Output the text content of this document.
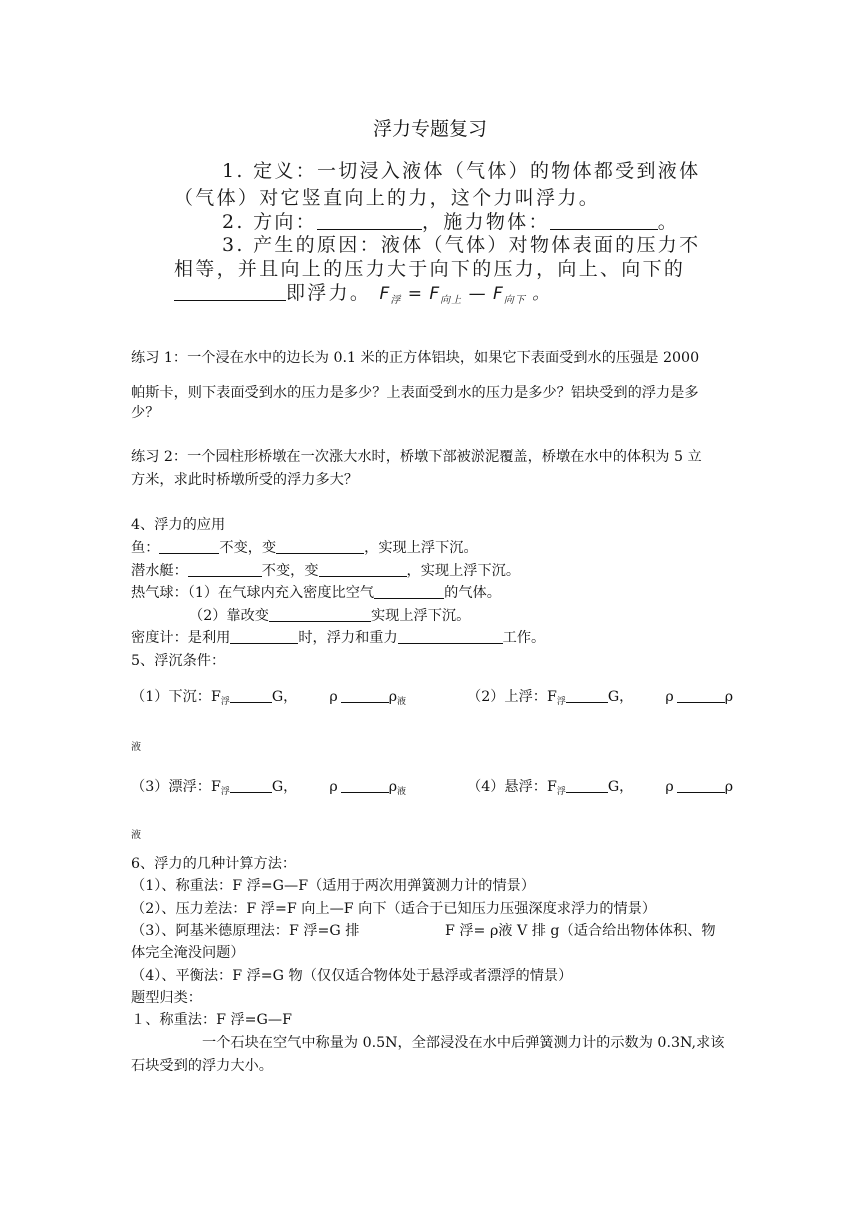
浮力专题复习
1. 定义：一切浸入液体（气体）的物体都受到液体
（气体）对它竖直向上的力，这个力叫浮力。
2. 方向：	，施力物体：	。
3. 产生的原因：液体（气体）对物体表面的压力不
相等，并且向上的压力大于向下的压力，向上、向下的
即浮力。 $F_浮 = F_{向上}$ — $F_{向下}$ 。
练习 1：一个浸在水中的边长为 0.1 米的正方体铝块，如果它下表面受到水的压强是 2000
帕斯卡，则下表面受到水的压力是多少？上表面受到水的压力是多少？铝块受到的浮力是多
少？
练习 2：一个园柱形桥墩在一次涨大水时，桥墩下部被淤泥覆盖，桥墩在水中的体积为 5 立
方米，求此时桥墩所受的浮力多大？
4、浮力的应用
鱼：	不变，变	，实现上浮下沉。
潜水艇：	不变，变	，实现上浮下沉。
热气球：（1）在气球内充入密度比空气	的气体。
（2）靠改变	实现上浮下沉。
密度计：是利用	时，浮力和重力	工作。
5、浮沉条件：
（1）下沉：$F_浮$	G， ρ	$\rho_液$	（2）上浮：$F_浮$	G， ρ	ρ
液
（3）漂浮：$F_浮$	G， ρ	$\rho_液$	（4）悬浮：$F_浮$	G， ρ	ρ
液
6、浮力的几种计算方法：
（1）、称重法：F 浮=G—F（适用于两次用弹簧测力计的情景）
（2）、压力差法：F 浮=F 向上—F 向下（适合于已知压力压强深度求浮力的情景）
（3）、阿基米德原理法：F 浮=G 排	F 浮= ρ液 V 排 g（适合给出物体体积、物
体完全淹没问题）
（4）、平衡法：F 浮=G 物（仅仅适合物体处于悬浮或者漂浮的情景）
题型归类：
１、称重法：F 浮=G—F
一个石块在空气中称量为 0.5N，全部浸没在水中后弹簧测力计的示数为 0.3N,求该
石块受到的浮力大小。
